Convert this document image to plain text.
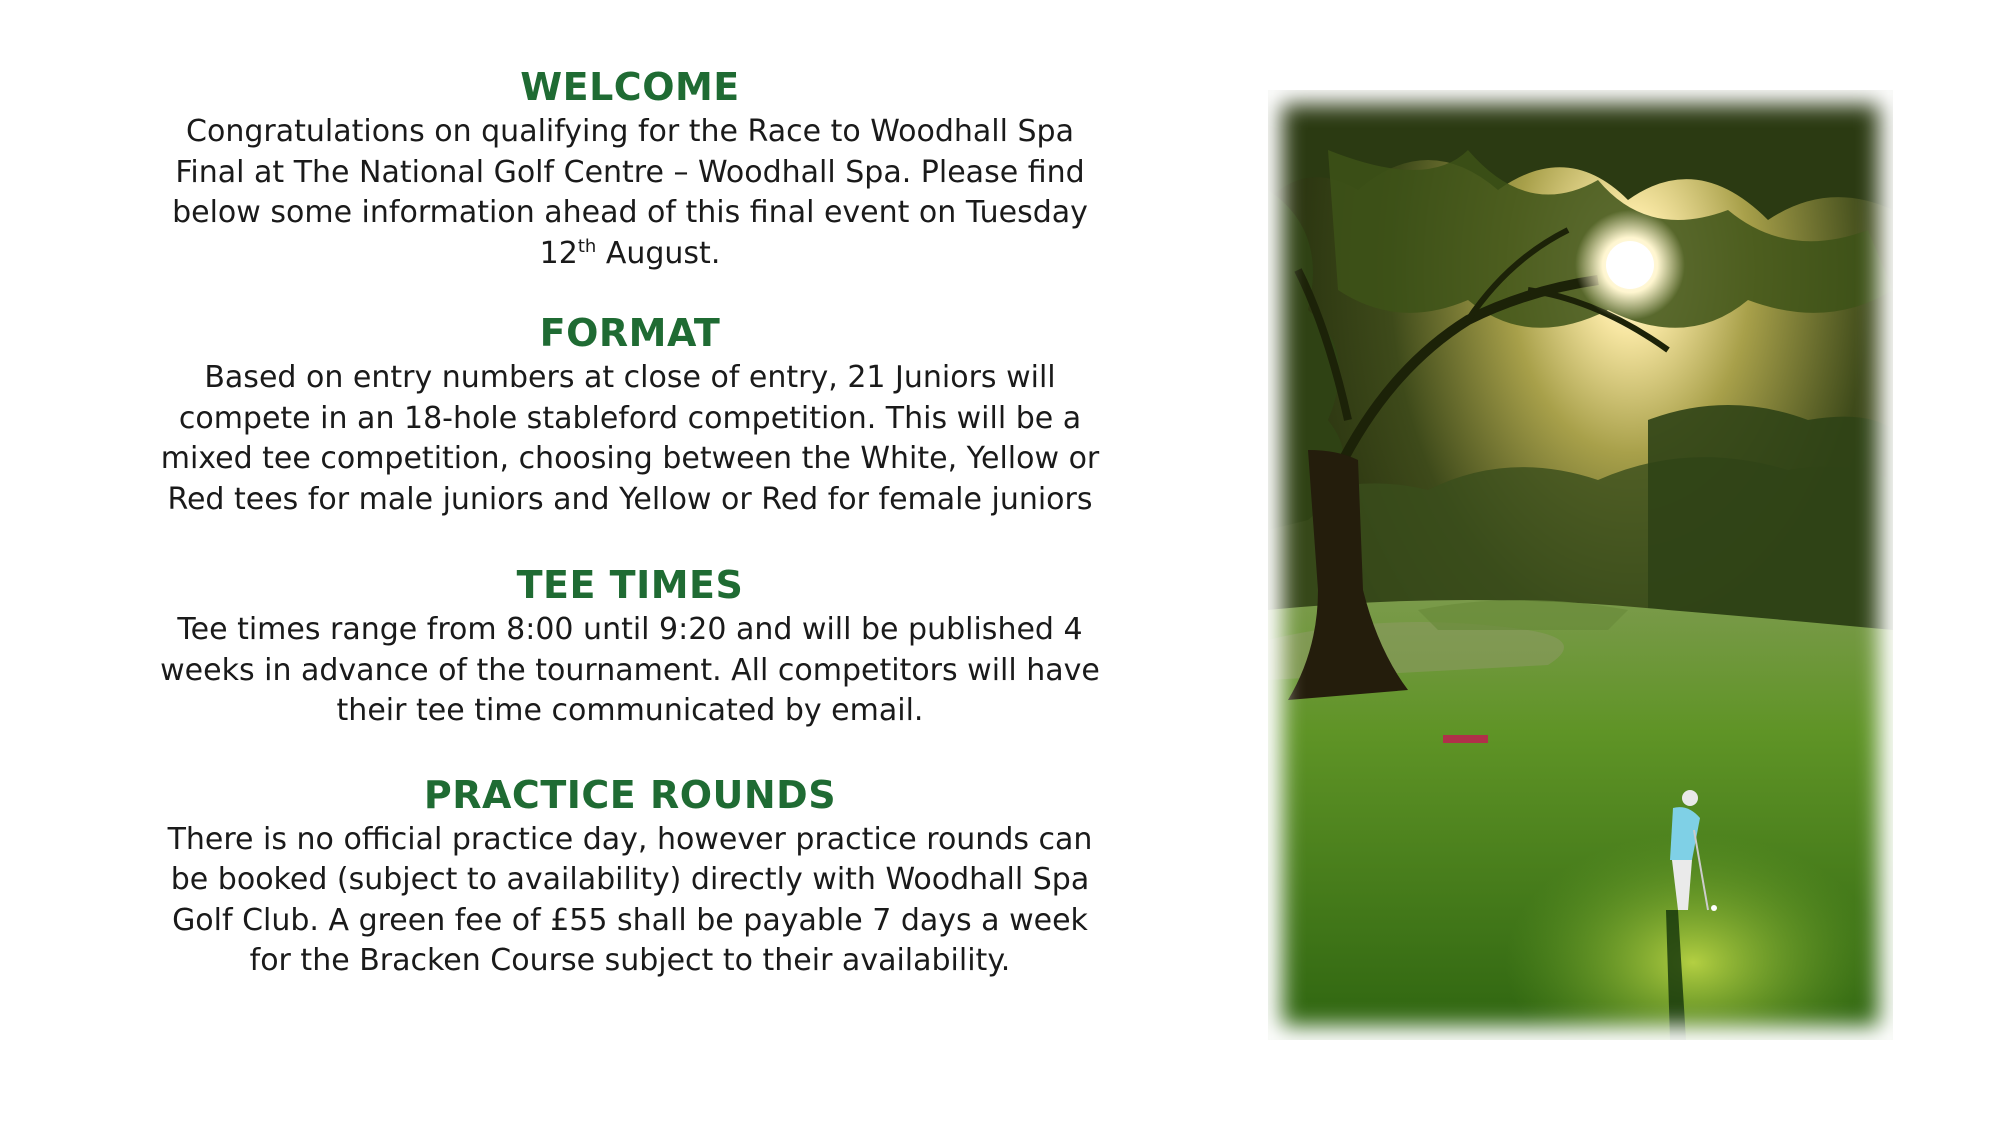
WELCOME
Congratulations on qualifying for the Race to Woodhall Spa
Final at The National Golf Centre – Woodhall Spa. Please find
below some information ahead of this final event on Tuesday
12th August.
FORMAT
Based on entry numbers at close of entry, 21 Juniors will
compete in an 18-hole stableford competition. This will be a
mixed tee competition, choosing between the White, Yellow or
Red tees for male juniors and Yellow or Red for female juniors
TEE TIMES
Tee times range from 8:00 until 9:20 and will be published 4
weeks in advance of the tournament. All competitors will have
their tee time communicated by email.
PRACTICE ROUNDS
There is no official practice day, however practice rounds can
be booked (subject to availability) directly with Woodhall Spa
Golf Club. A green fee of £55 shall be payable 7 days a week
for the Bracken Course subject to their availability.
